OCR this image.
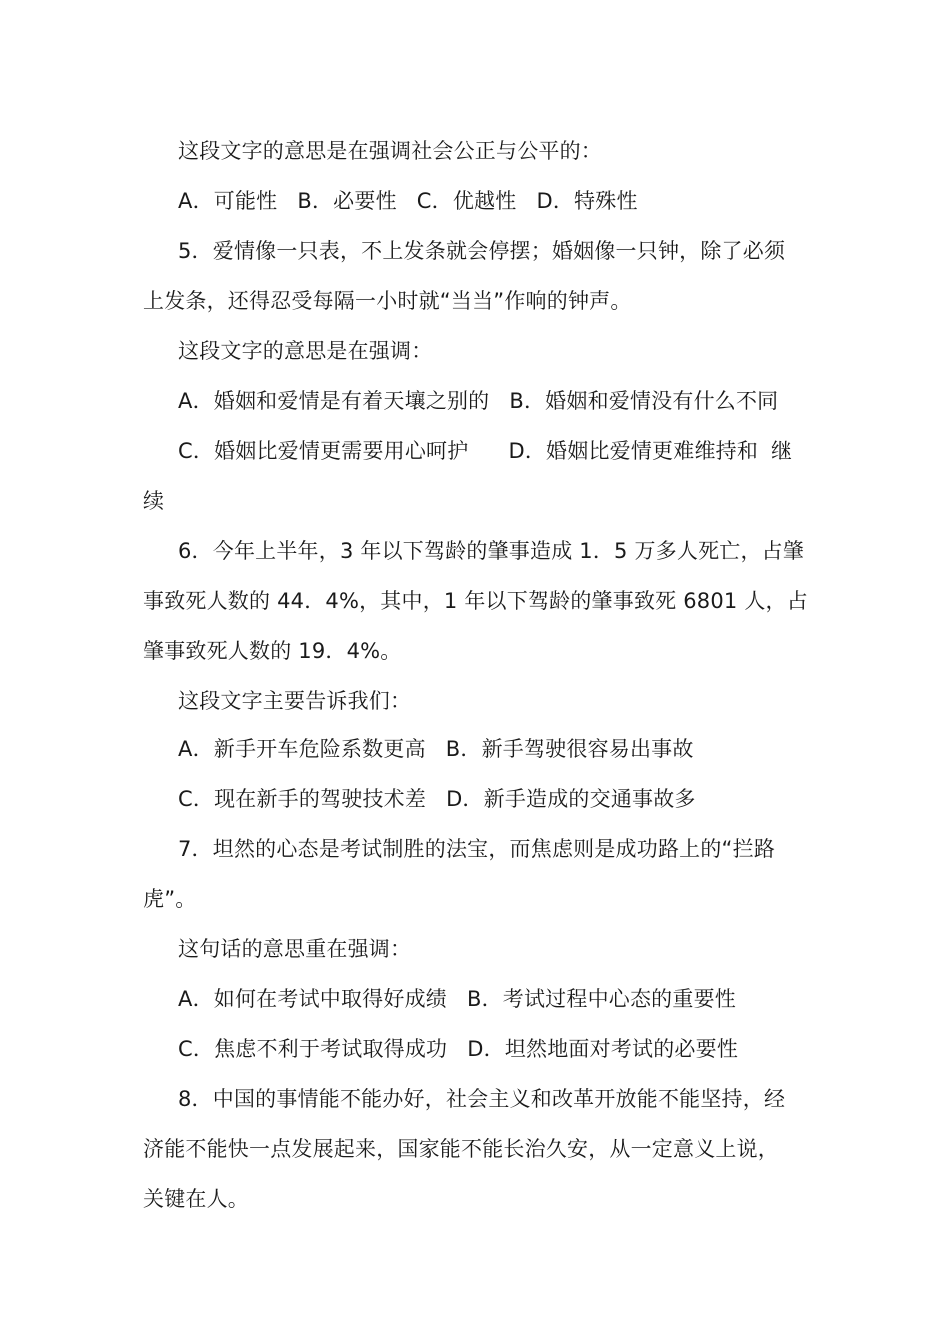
这段文字的意思是在强调社会公正与公平的：
A．可能性 B．必要性 C．优越性 D．特殊性
5．爱情像一只表，不上发条就会停摆；婚姻像一只钟，除了必须
上发条，还得忍受每隔一小时就“当当”作响的钟声。
这段文字的意思是在强调：
A．婚姻和爱情是有着天壤之别的 B．婚姻和爱情没有什么不同
C．婚姻比爱情更需要用心呵护 D．婚姻比爱情更难维持和
续
6．今年上半年，3 年以下驾龄的肇事造成 1．5 万多人死亡，占肇
事致死人数的 44．4%，其中，1 年以下驾龄的肇事致死 6801 人，占
肇事致死人数的 19．4%。
这段文字主要告诉我们：
A．新手开车危险系数更高 B．新手驾驶很容易出事故
C．现在新手的驾驶技术差 D．新手造成的交通事故多
7．坦然的心态是考试制胜的法宝，而焦虑则是成功路上的“拦路
虎”。
这句话的意思重在强调：
A．如何在考试中取得好成绩 B．考试过程中心态的重要性
C．焦虑不利于考试取得成功 D．坦然地面对考试的必要性
8．中国的事情能不能办好，社会主义和改革开放能不能坚持，经
济能不能快一点发展起来，国家能不能长治久安，从一定意义上说，
关键在人。
继
